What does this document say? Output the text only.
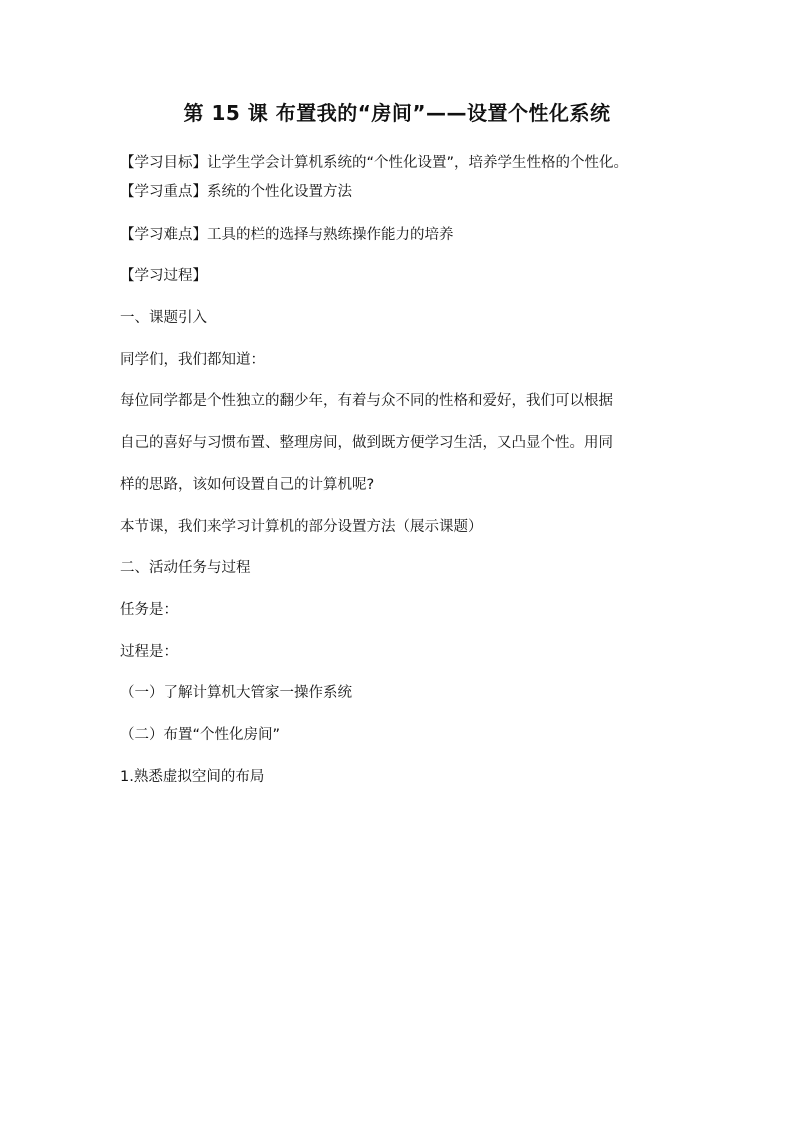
第 15 课 布置我的“房间”——设置个性化系统
【学习目标】让学生学会计算机系统的“个性化设置”，培养学生性格的个性化。
【学习重点】系统的个性化设置方法
【学习难点】工具的栏的选择与熟练操作能力的培养
【学习过程】
一、课题引入
同学们，我们都知道：
每位同学都是个性独立的翻少年，有着与众不同的性格和爱好，我们可以根据
自己的喜好与习惯布置、整理房间，做到既方便学习生活，又凸显个性。用同
样的思路，该如何设置自己的计算机呢?
本节课，我们来学习计算机的部分设置方法（展示课题）
二、活动任务与过程
任务是：
过程是：
（一）了解计算机大管家一操作系统
（二）布置“个性化房间”
1.熟悉虚拟空间的布局
